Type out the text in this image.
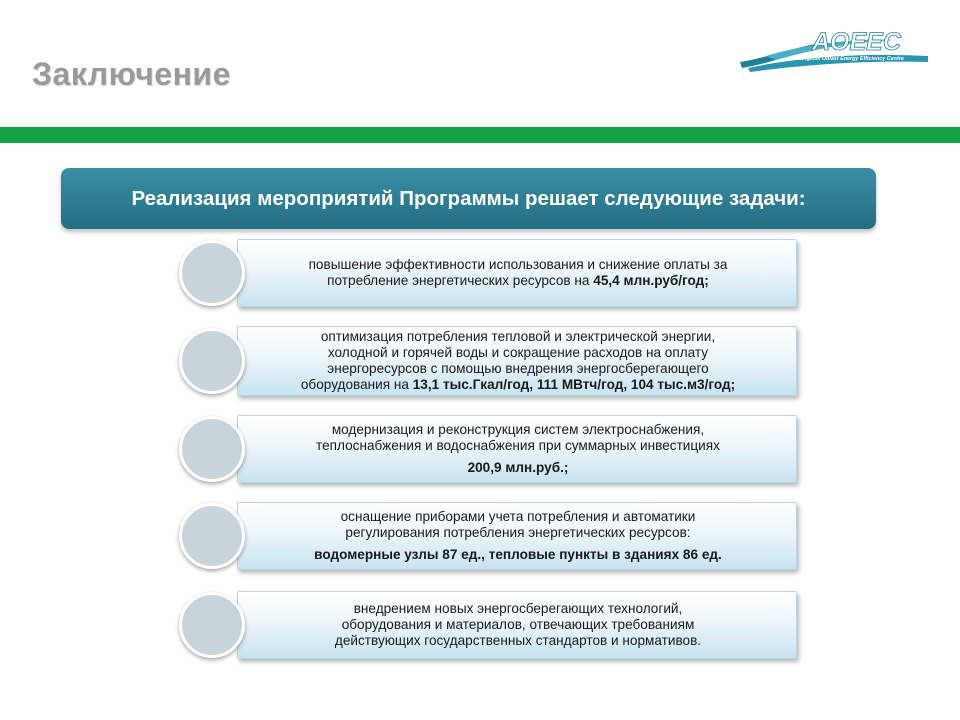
Заключение
AOEEC
Archangelsk Oblast Energy Efficiency Centre
Реализация мероприятий Программы решает следующие задачи:
повышение эффективности использования и снижение оплаты за
потребление энергетических ресурсов на 45,4 млн.руб/год;
оптимизация потребления тепловой и электрической энергии,
холодной и горячей воды и сокращение расходов на оплату
энергоресурсов с помощью внедрения энергосберегающего
оборудования на 13,1 тыс.Гкал/год, 111 МВтч/год, 104 тыс.м3/год;
модернизация и реконструкция систем электроснабжения,
теплоснабжения и водоснабжения при суммарных инвестициях
200,9 млн.руб.;
оснащение приборами учета потребления и автоматики
регулирования потребления энергетических ресурсов:
водомерные узлы 87 ед., тепловые пункты в зданиях 86 ед.
внедрением новых энергосберегающих технологий,
оборудования и материалов, отвечающих требованиям
действующих государственных стандартов и нормативов.
